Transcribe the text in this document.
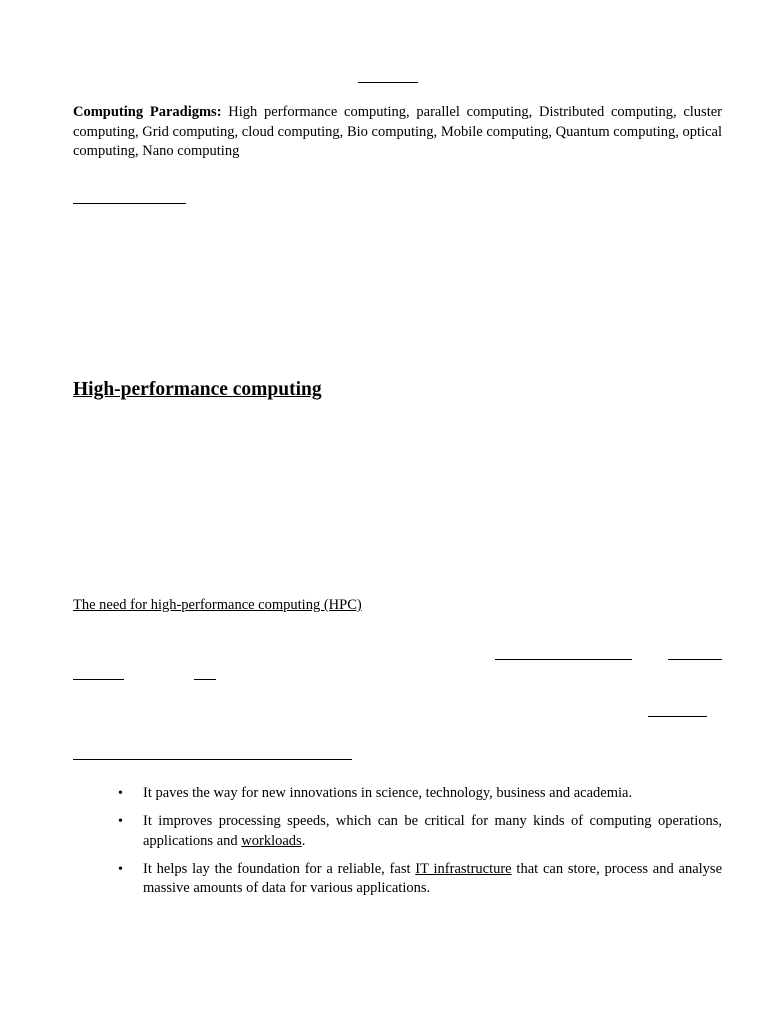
Computing Paradigms: High performance computing, parallel computing, Distributed computing, cluster computing, Grid computing, cloud computing, Bio computing, Mobile computing, Quantum computing, optical computing, Nano computing

High-performance computing
The need for high-performance computing (HPC)
• It paves the way for new innovations in science, technology, business and academia.
• It improves processing speeds, which can be critical for many kinds of computing operations, applications and workloads.
• It helps lay the foundation for a reliable, fast IT infrastructure that can store, process and analyse massive amounts of data for various applications.
